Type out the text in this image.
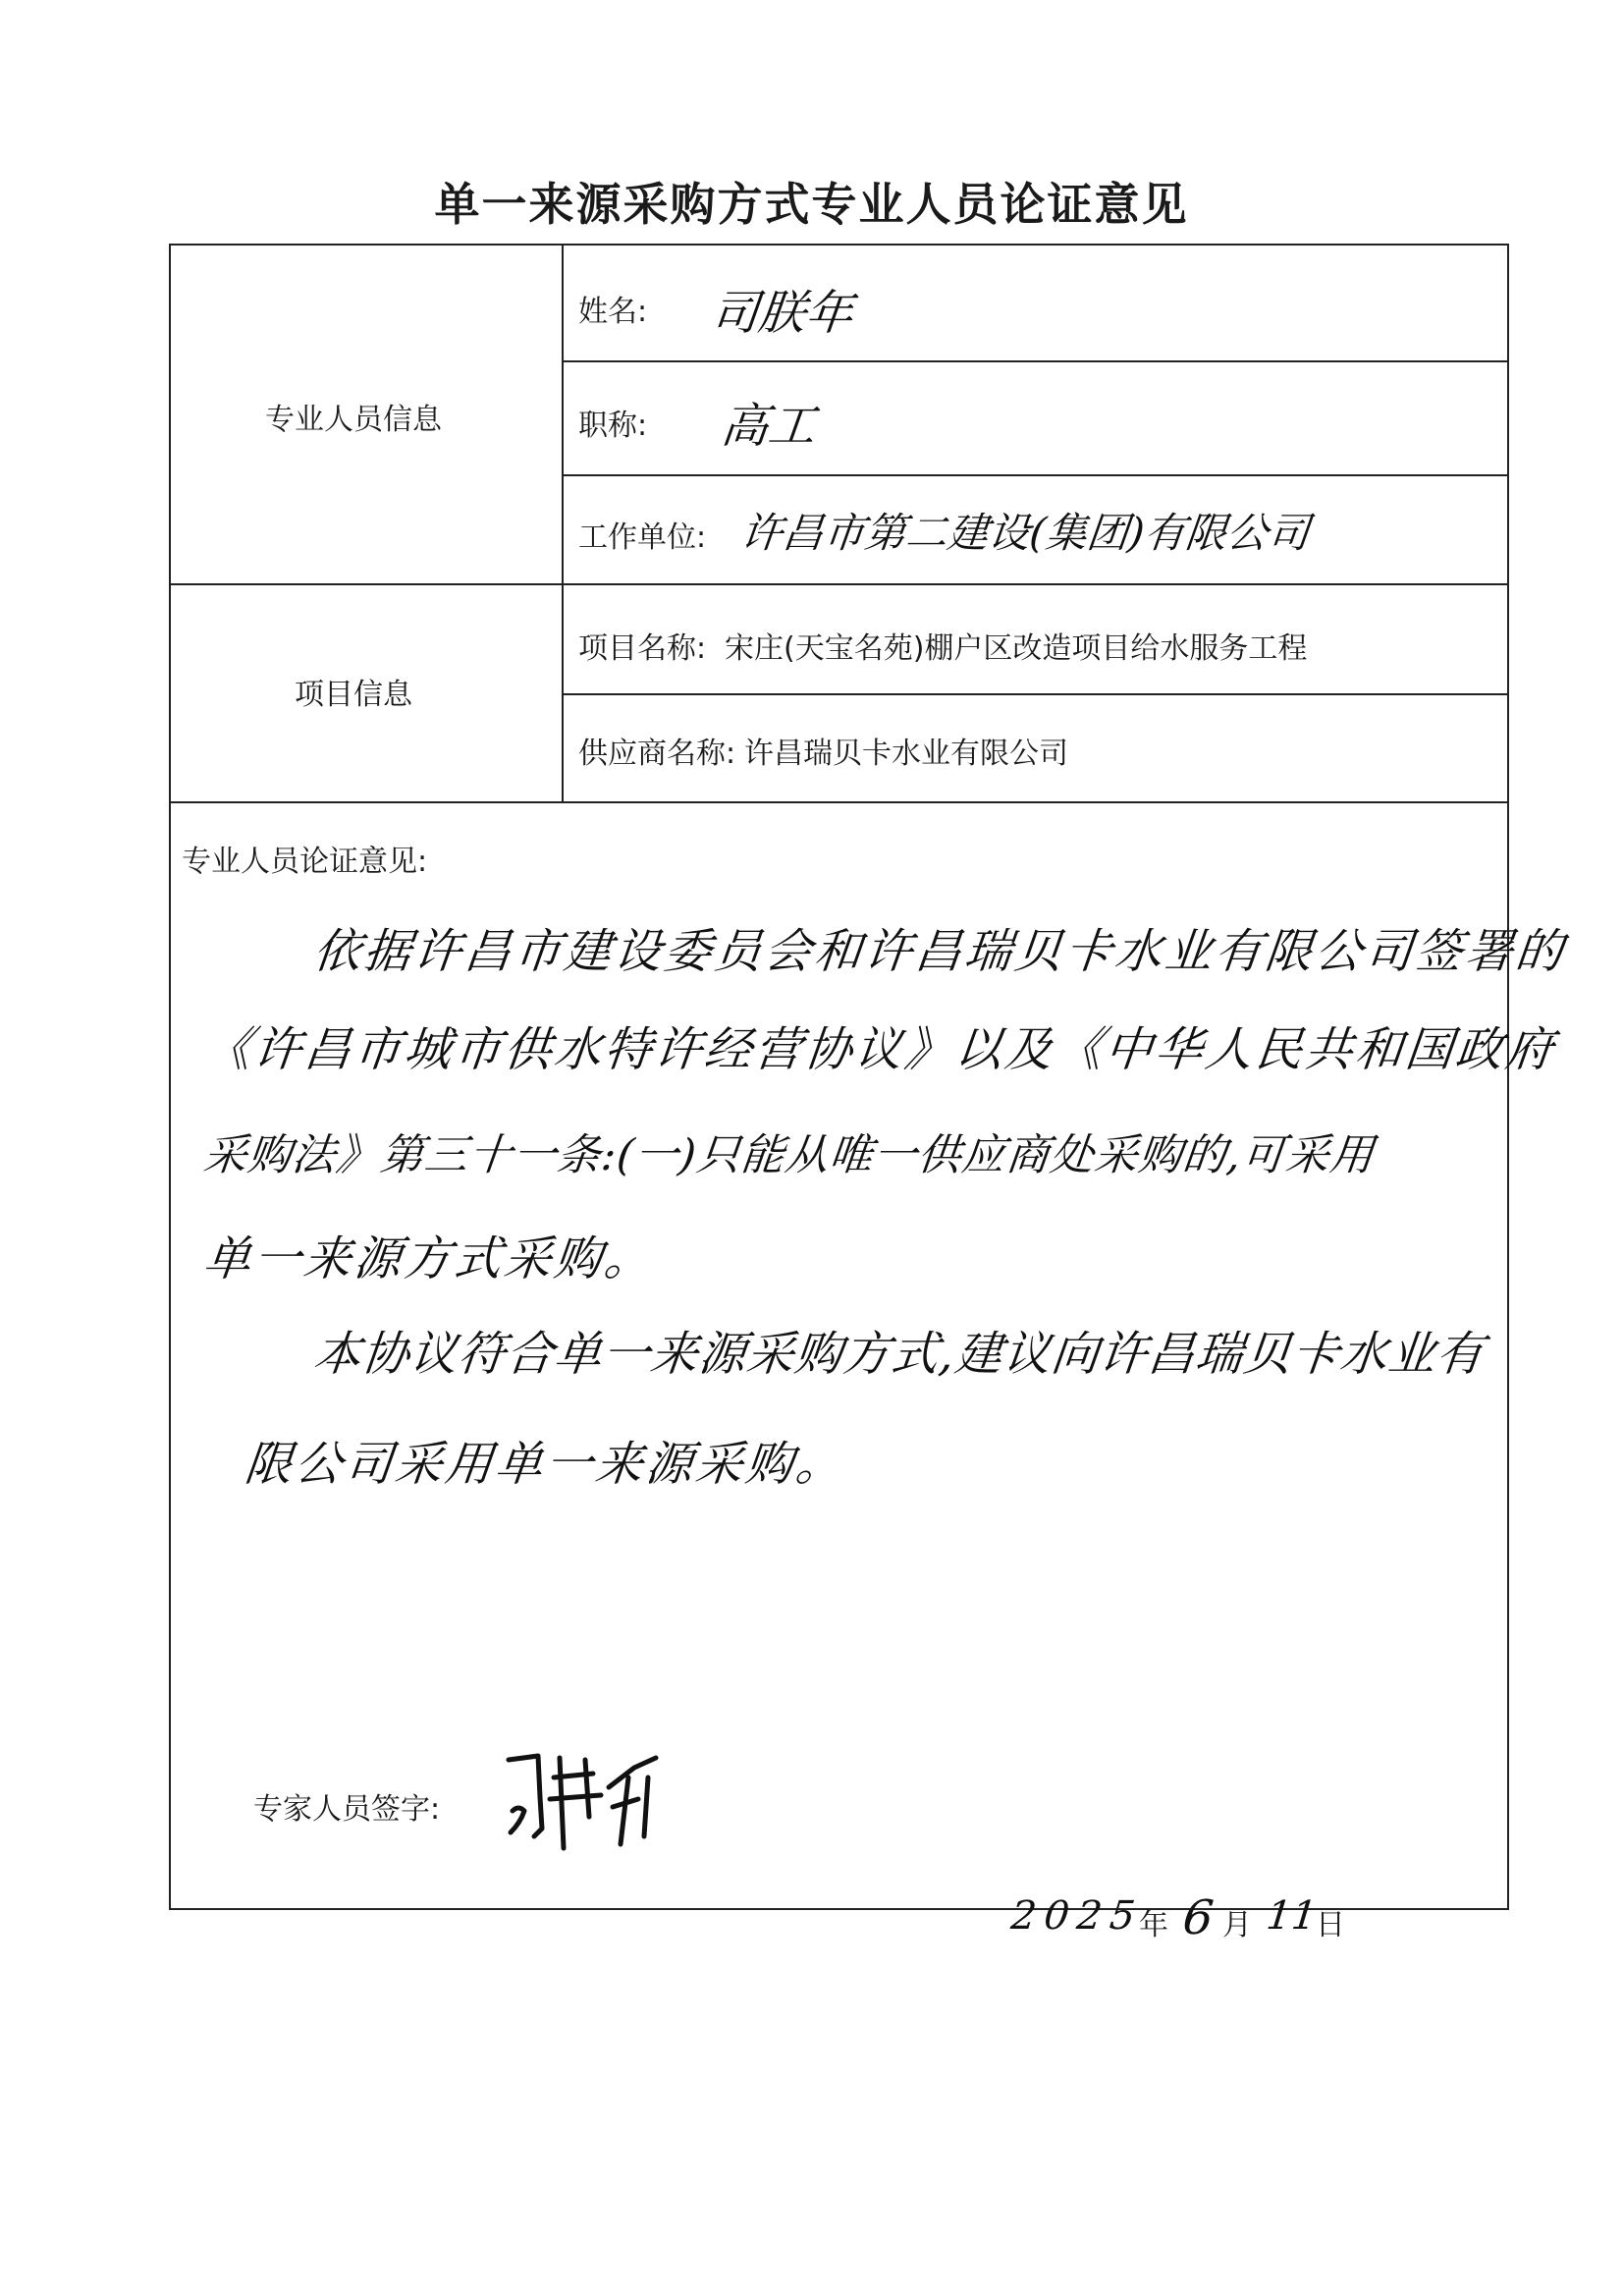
单一来源采购方式专业人员论证意见
专业人员信息
姓名: 司朕年
职称: 高工
工作单位: 许昌市第二建设(集团)有限公司
项目信息
项目名称: 宋庄(天宝名苑)棚户区改造项目给水服务工程
供应商名称: 许昌瑞贝卡水业有限公司
专业人员论证意见:
依据许昌市建设委员会和许昌瑞贝卡水业有限公司签署的
《许昌市城市供水特许经营协议》以及《中华人民共和国政府
采购法》第三十一条:(一)只能从唯一供应商处采购的,可采用
单一来源方式采购。
本协议符合单一来源采购方式,建议向许昌瑞贝卡水业有
限公司采用单一来源采购。
专家人员签字:
2025
年 6 月 11
日
